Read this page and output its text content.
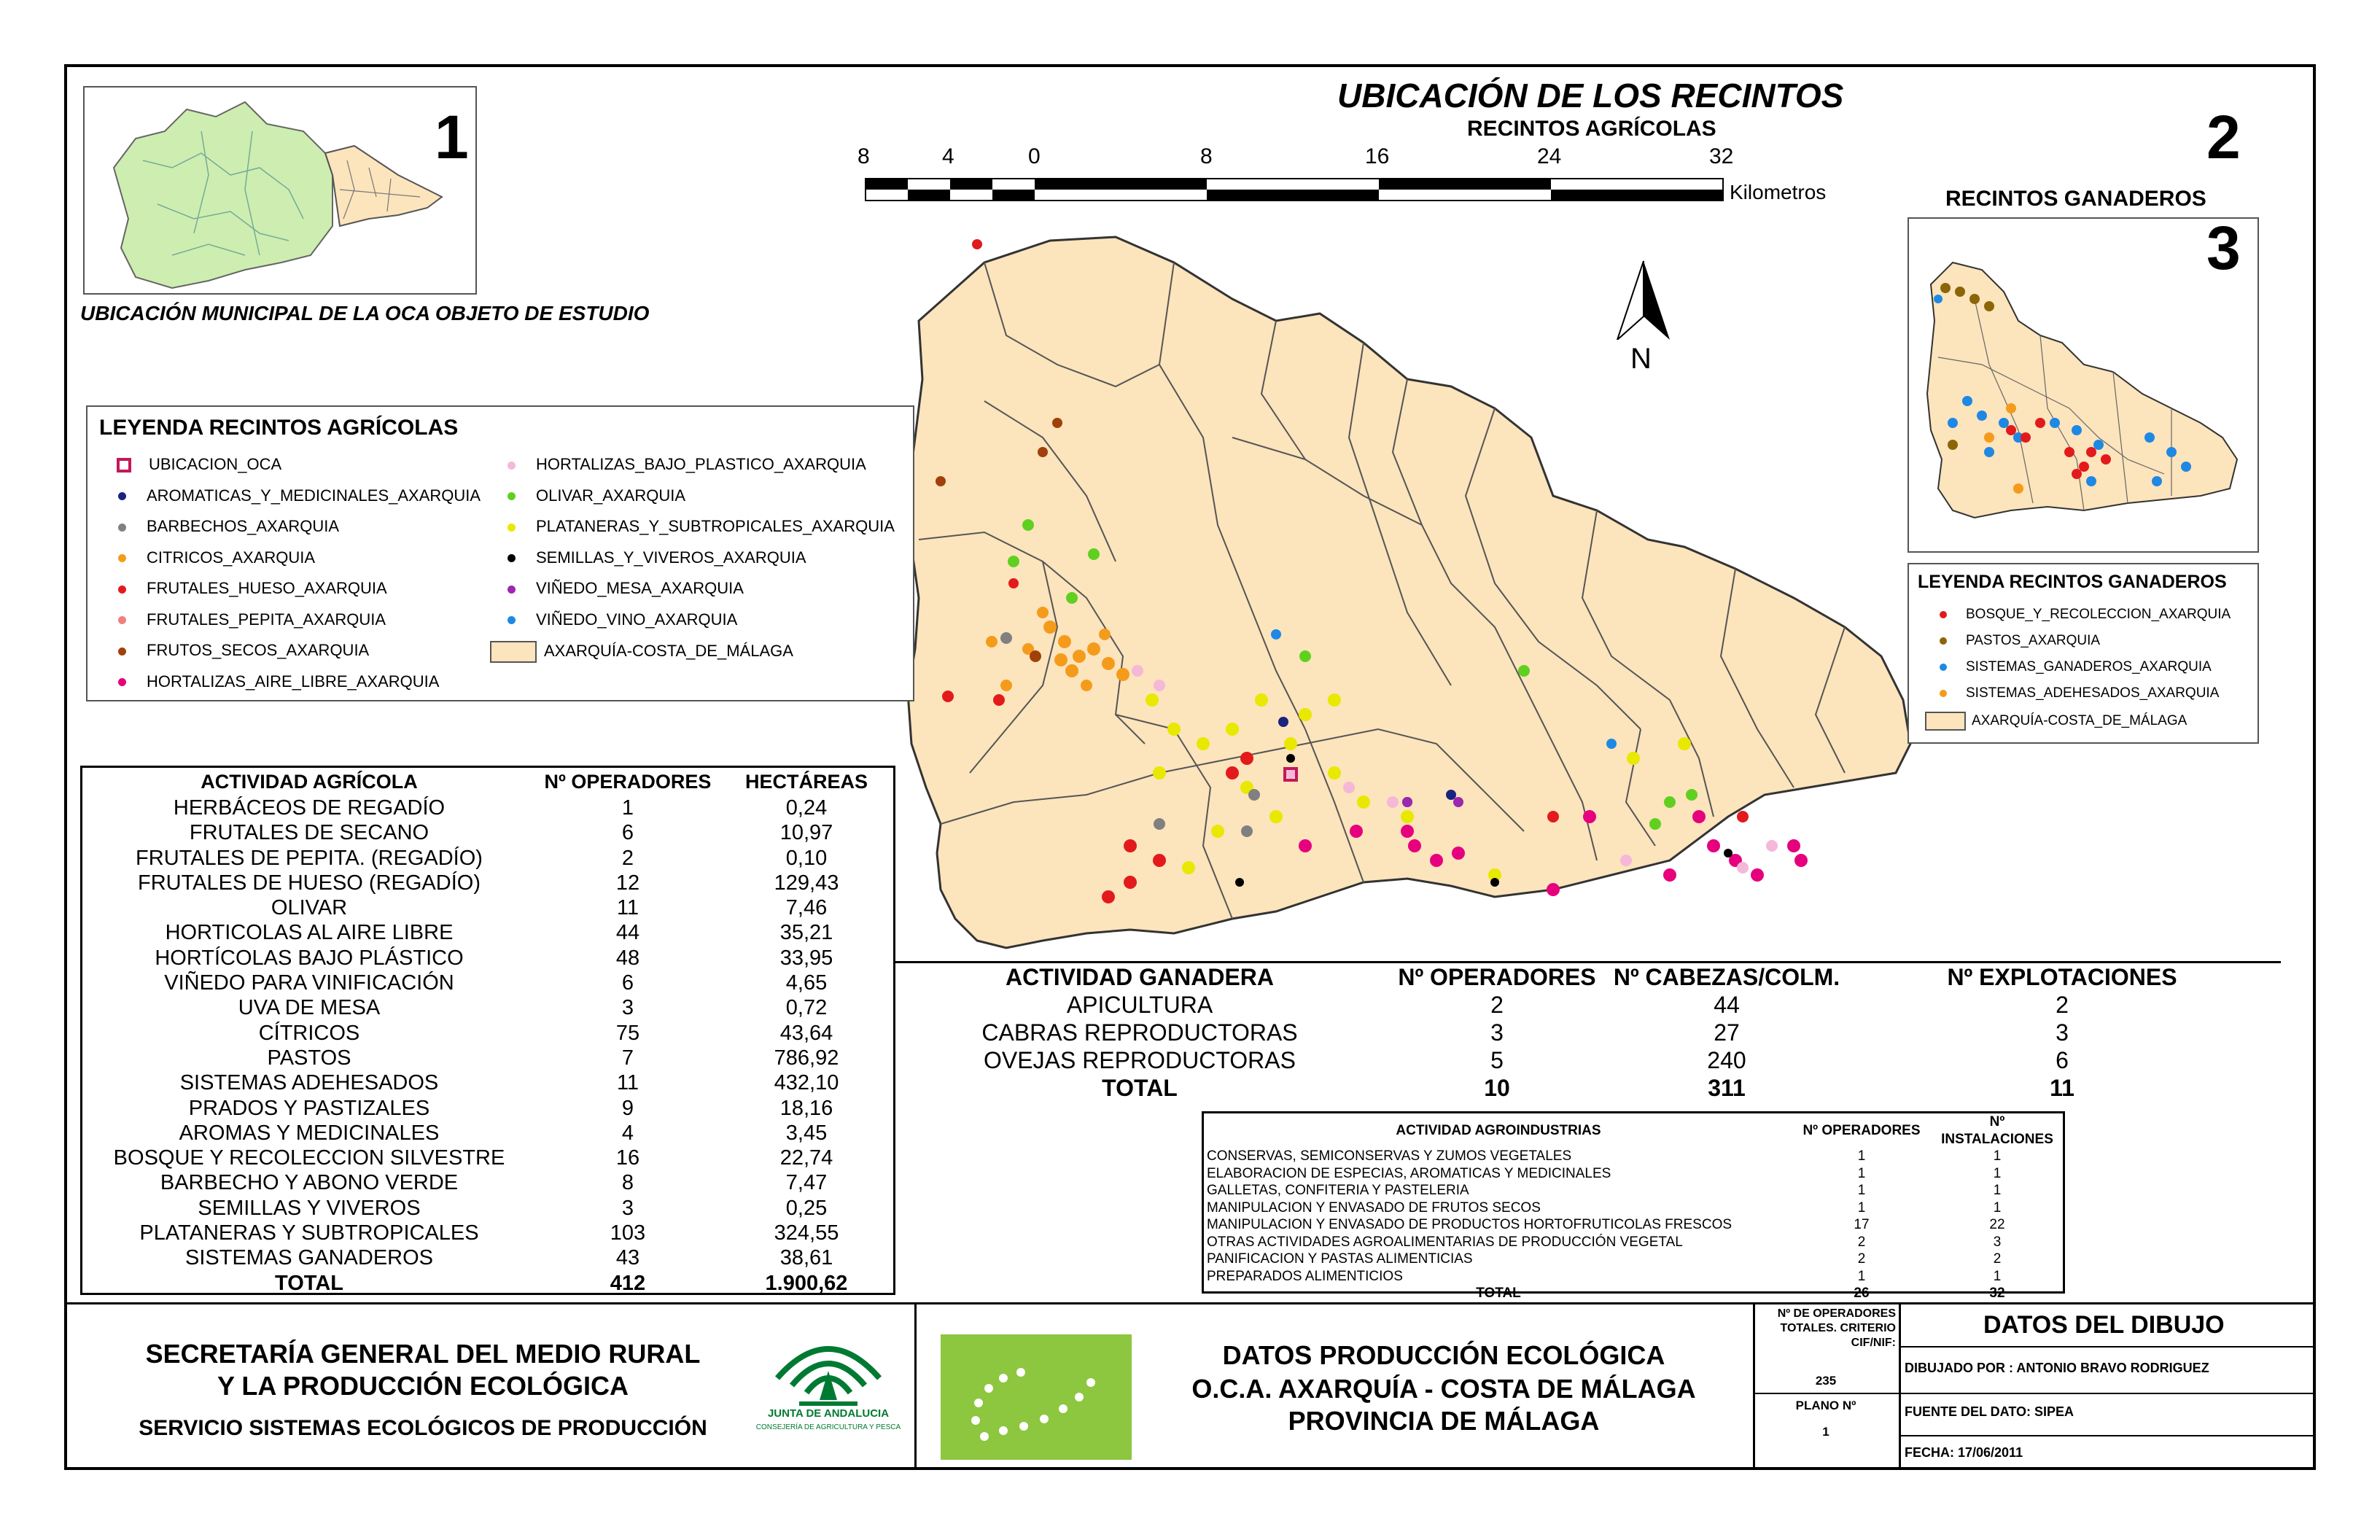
1
UBICACIÓN MUNICIPAL DE LA OCA OBJETO DE ESTUDIO
UBICACIÓN DE LOS RECINTOS
RECINTOS AGRÍCOLAS	2
8	4	0	8	16	24	32
Kilometros
N
RECINTOS GANADEROS
3
LEYENDA RECINTOS AGRÍCOLAS
UBICACION_OCA
AROMATICAS_Y_MEDICINALES_AXARQUIA
BARBECHOS_AXARQUIA
CITRICOS_AXARQUIA
FRUTALES_HUESO_AXARQUIA
FRUTALES_PEPITA_AXARQUIA
FRUTOS_SECOS_AXARQUIA
HORTALIZAS_AIRE_LIBRE_AXARQUIA
HORTALIZAS_BAJO_PLASTICO_AXARQUIA
OLIVAR_AXARQUIA
PLATANERAS_Y_SUBTROPICALES_AXARQUIA
SEMILLAS_Y_VIVEROS_AXARQUIA
VIÑEDO_MESA_AXARQUIA
VIÑEDO_VINO_AXARQUIA
AXARQUÍA-COSTA_DE_MÁLAGA
LEYENDA RECINTOS GANADEROS
BOSQUE_Y_RECOLECCION_AXARQUIA
PASTOS_AXARQUIA
SISTEMAS_GANADEROS_AXARQUIA
SISTEMAS_ADEHESADOS_AXARQUIA
AXARQUÍA-COSTA_DE_MÁLAGA
ACTIVIDAD AGRÍCOLA	Nº OPERADORES	HECTÁREAS
HERBÁCEOS DE REGADÍO	1	0,24
FRUTALES DE SECANO	6	10,97
FRUTALES DE PEPITA. (REGADÍO)	2	0,10
FRUTALES DE HUESO (REGADÍO)	12	129,43
OLIVAR	11	7,46
HORTICOLAS AL AIRE LIBRE	44	35,21
HORTÍCOLAS BAJO PLÁSTICO	48	33,95
VIÑEDO PARA VINIFICACIÓN	6	4,65
UVA DE MESA	3	0,72
CÍTRICOS	75	43,64
PASTOS	7	786,92
SISTEMAS ADEHESADOS	11	432,10
PRADOS Y PASTIZALES	9	18,16
AROMAS Y MEDICINALES	4	3,45
BOSQUE Y RECOLECCION SILVESTRE	16	22,74
BARBECHO Y ABONO VERDE	8	7,47
SEMILLAS Y VIVEROS	3	0,25
PLATANERAS Y SUBTROPICALES	103	324,55
SISTEMAS GANADEROS	43	38,61
TOTAL	412	1.900,62
ACTIVIDAD GANADERA	Nº OPERADORES	Nº CABEZAS/COLM.	Nº EXPLOTACIONES
APICULTURA	2	44	2
CABRAS REPRODUCTORAS	3	27	3
OVEJAS REPRODUCTORAS	5	240	6
TOTAL	10	311	11
ACTIVIDAD AGROINDUSTRIAS	Nº OPERADORES	Nº INSTALACIONES
CONSERVAS, SEMICONSERVAS Y ZUMOS VEGETALES	1	1
ELABORACION DE ESPECIAS, AROMATICAS Y MEDICINALES	1	1
GALLETAS, CONFITERIA Y PASTELERIA	1	1
MANIPULACION Y ENVASADO DE FRUTOS SECOS	1	1
MANIPULACION Y ENVASADO DE PRODUCTOS HORTOFRUTICOLAS FRESCOS	17	22
OTRAS ACTIVIDADES AGROALIMENTARIAS DE PRODUCCIÓN VEGETAL	2	3
PANIFICACION Y PASTAS ALIMENTICIAS	2	2
PREPARADOS ALIMENTICIOS	1	1
TOTAL	26	32
SECRETARÍA GENERAL DEL MEDIO RURAL
Y LA PRODUCCIÓN ECOLÓGICA
SERVICIO SISTEMAS ECOLÓGICOS DE PRODUCCIÓN
JUNTA DE ANDALUCIA
CONSEJERÍA DE AGRICULTURA Y PESCA
DATOS PRODUCCIÓN ECOLÓGICA
O.C.A. AXARQUÍA - COSTA DE MÁLAGA
PROVINCIA DE MÁLAGA
Nº DE OPERADORES TOTALES. CRITERIO CIF/NIF:
235
PLANO Nº
1
DATOS DEL DIBUJO
DIBUJADO POR : ANTONIO BRAVO RODRIGUEZ
FUENTE DEL DATO: SIPEA
FECHA: 17/06/2011
